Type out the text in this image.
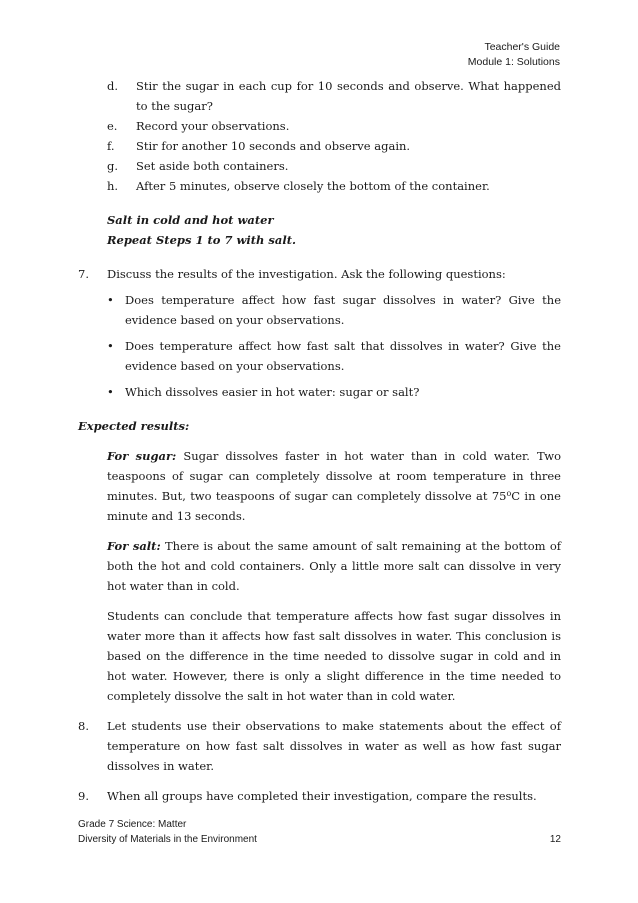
Teacher's Guide
Module 1: Solutions
d.	Stir the sugar in each cup for 10 seconds and observe. What happened to the sugar?
e.	Record your observations.
f.	Stir for another 10 seconds and observe again.
g.	Set aside both containers.
h.	After 5 minutes, observe closely the bottom of the container.
Salt in cold and hot water
Repeat Steps 1 to 7 with salt.
7.	Discuss the results of the investigation. Ask the following questions:
• Does temperature affect how fast sugar dissolves in water? Give the evidence based on your observations.
• Does temperature affect how fast salt that dissolves in water? Give the evidence based on your observations.
• Which dissolves easier in hot water: sugar or salt?
Expected results:
For sugar: Sugar dissolves faster in hot water than in cold water. Two teaspoons of sugar can completely dissolve at room temperature in three minutes. But, two teaspoons of sugar can completely dissolve at 75$^o$C in one minute and 13 seconds.
For salt: There is about the same amount of salt remaining at the bottom of both the hot and cold containers. Only a little more salt can dissolve in very hot water than in cold.
Students can conclude that temperature affects how fast sugar dissolves in water more than it affects how fast salt dissolves in water. This conclusion is based on the difference in the time needed to dissolve sugar in cold and in hot water. However, there is only a slight difference in the time needed to completely dissolve the salt in hot water than in cold water.
8.	Let students use their observations to make statements about the effect of temperature on how fast salt dissolves in water as well as how fast sugar dissolves in water.
9.	When all groups have completed their investigation, compare the results.
Grade 7 Science: Matter
Diversity of Materials in the Environment	12
